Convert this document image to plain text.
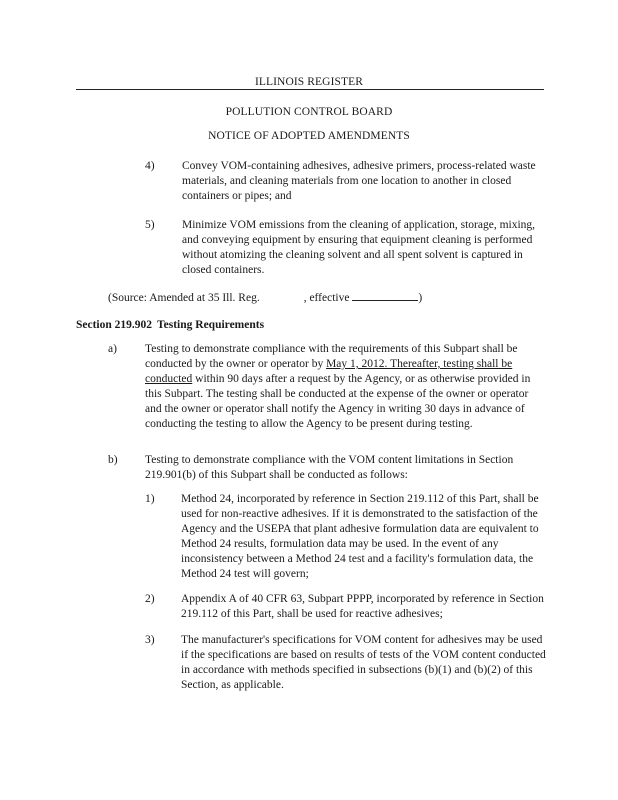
ILLINOIS REGISTER
POLLUTION CONTROL BOARD
NOTICE OF ADOPTED AMENDMENTS
4) Convey VOM-containing adhesives, adhesive primers, process-related waste materials, and cleaning materials from one location to another in closed containers or pipes; and

5) Minimize VOM emissions from the cleaning of application, storage, mixing, and conveying equipment by ensuring that equipment cleaning is performed without atomizing the cleaning solvent and all spent solvent is captured in closed containers.

(Source: Amended at 35 Ill. Reg.	, effective	)
Section 219.902 Testing Requirements
a) Testing to demonstrate compliance with the requirements of this Subpart shall be conducted by the owner or operator by May 1, 2012. Thereafter, testing shall be conducted within 90 days after a request by the Agency, or as otherwise provided in this Subpart. The testing shall be conducted at the expense of the owner or operator and the owner or operator shall notify the Agency in writing 30 days in advance of conducting the testing to allow the Agency to be present during testing.

b) Testing to demonstrate compliance with the VOM content limitations in Section 219.901(b) of this Subpart shall be conducted as follows:

1) Method 24, incorporated by reference in Section 219.112 of this Part, shall be used for non-reactive adhesives. If it is demonstrated to the satisfaction of the Agency and the USEPA that plant adhesive formulation data are equivalent to Method 24 results, formulation data may be used. In the event of any inconsistency between a Method 24 test and a facility's formulation data, the Method 24 test will govern;

2) Appendix A of 40 CFR 63, Subpart PPPP, incorporated by reference in Section 219.112 of this Part, shall be used for reactive adhesives;

3) The manufacturer's specifications for VOM content for adhesives may be used if the specifications are based on results of tests of the VOM content conducted in accordance with methods specified in subsections (b)(1) and (b)(2) of this Section, as applicable.
